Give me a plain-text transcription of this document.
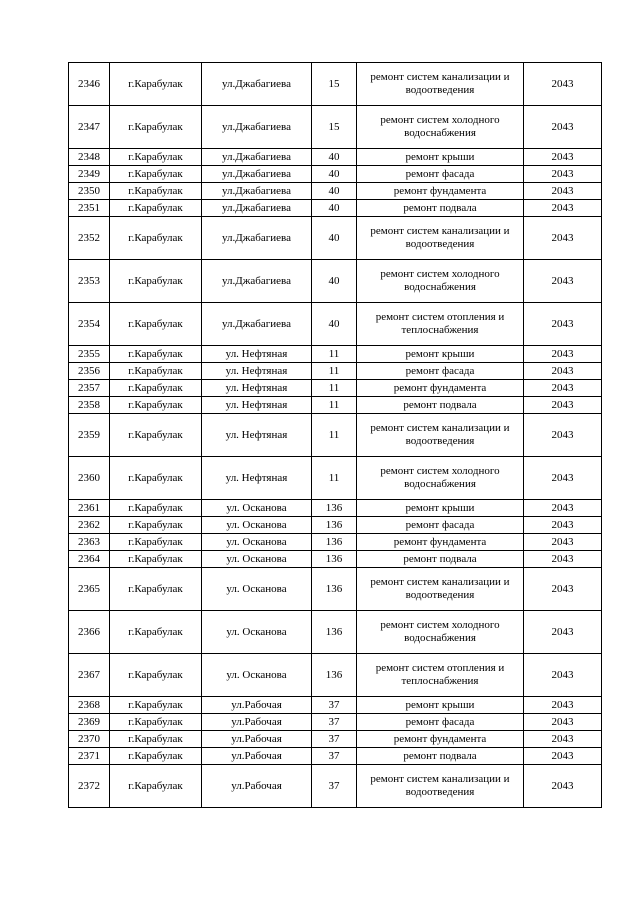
2346	г.Карабулак	ул.Джабагиева	15	ремонт систем канализации и водоотведения	2043
2347	г.Карабулак	ул.Джабагиева	15	ремонт систем холодного водоснабжения	2043
2348	г.Карабулак	ул.Джабагиева	40	ремонт крыши	2043
2349	г.Карабулак	ул.Джабагиева	40	ремонт фасада	2043
2350	г.Карабулак	ул.Джабагиева	40	ремонт фундамента	2043
2351	г.Карабулак	ул.Джабагиева	40	ремонт подвала	2043
2352	г.Карабулак	ул.Джабагиева	40	ремонт систем канализации и водоотведения	2043
2353	г.Карабулак	ул.Джабагиева	40	ремонт систем холодного водоснабжения	2043
2354	г.Карабулак	ул.Джабагиева	40	ремонт систем отопления и теплоснабжения	2043
2355	г.Карабулак	ул. Нефтяная	11	ремонт крыши	2043
2356	г.Карабулак	ул. Нефтяная	11	ремонт фасада	2043
2357	г.Карабулак	ул. Нефтяная	11	ремонт фундамента	2043
2358	г.Карабулак	ул. Нефтяная	11	ремонт подвала	2043
2359	г.Карабулак	ул. Нефтяная	11	ремонт систем канализации и водоотведения	2043
2360	г.Карабулак	ул. Нефтяная	11	ремонт систем холодного водоснабжения	2043
2361	г.Карабулак	ул. Осканова	136	ремонт крыши	2043
2362	г.Карабулак	ул. Осканова	136	ремонт фасада	2043
2363	г.Карабулак	ул. Осканова	136	ремонт фундамента	2043
2364	г.Карабулак	ул. Осканова	136	ремонт подвала	2043
2365	г.Карабулак	ул. Осканова	136	ремонт систем канализации и водоотведения	2043
2366	г.Карабулак	ул. Осканова	136	ремонт систем холодного водоснабжения	2043
2367	г.Карабулак	ул. Осканова	136	ремонт систем отопления и теплоснабжения	2043
2368	г.Карабулак	ул.Рабочая	37	ремонт крыши	2043
2369	г.Карабулак	ул.Рабочая	37	ремонт фасада	2043
2370	г.Карабулак	ул.Рабочая	37	ремонт фундамента	2043
2371	г.Карабулак	ул.Рабочая	37	ремонт подвала	2043
2372	г.Карабулак	ул.Рабочая	37	ремонт систем канализации и водоотведения	2043
